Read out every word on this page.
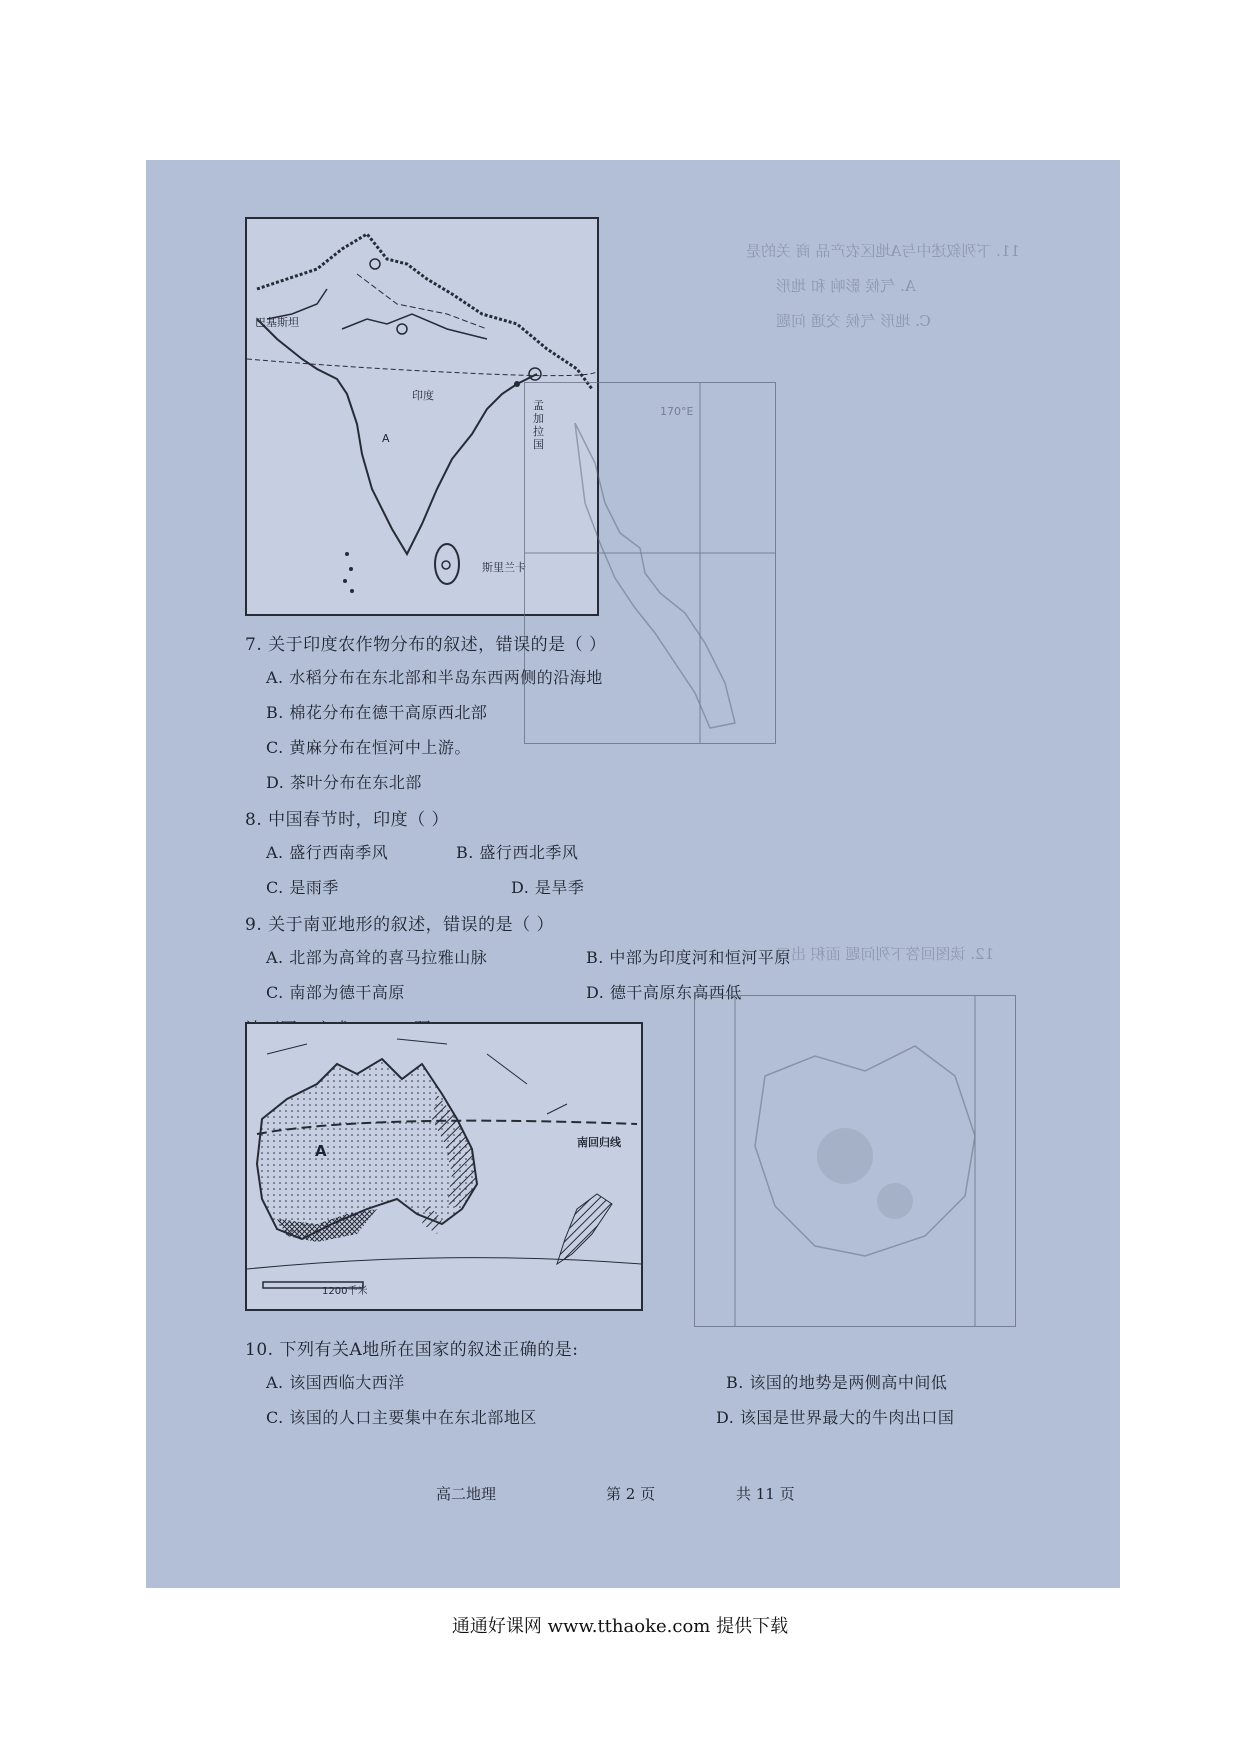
11. 下列叙述中与A地区农产品 商 关的是
A. 气候 影响 和 地形
C. 地形 气候 交通 问题
12. 读图回答下列问题 面积 出口
巴基斯坦
印度
A
孟加拉国
斯里兰卡
170°E
7. 关于印度农作物分布的叙述，错误的是（ ）
A. 水稻分布在东北部和半岛东西两侧的沿海地
B. 棉花分布在德干高原西北部
C. 黄麻分布在恒河中上游。
D. 茶叶分布在东北部
8. 中国春节时，印度（ ）
A. 盛行西南季风	B. 盛行西北季风
C. 是雨季	D. 是旱季
9. 关于南亚地形的叙述，错误的是（ ）
A. 北部为高耸的喜马拉雅山脉	B. 中部为印度河和恒河平原
C. 南部为德干高原	D. 德干高原东高西低
A	南回归线
1200千米
10. 下列有关A地所在国家的叙述正确的是:
A. 该国西临大西洋	B. 该国的地势是两侧高中间低
C. 该国的人口主要集中在东北部地区	D. 该国是世界最大的牛肉出口国
高二地理	第 2 页	共 11 页
通通好课网 www.tthaoke.com 提供下载
